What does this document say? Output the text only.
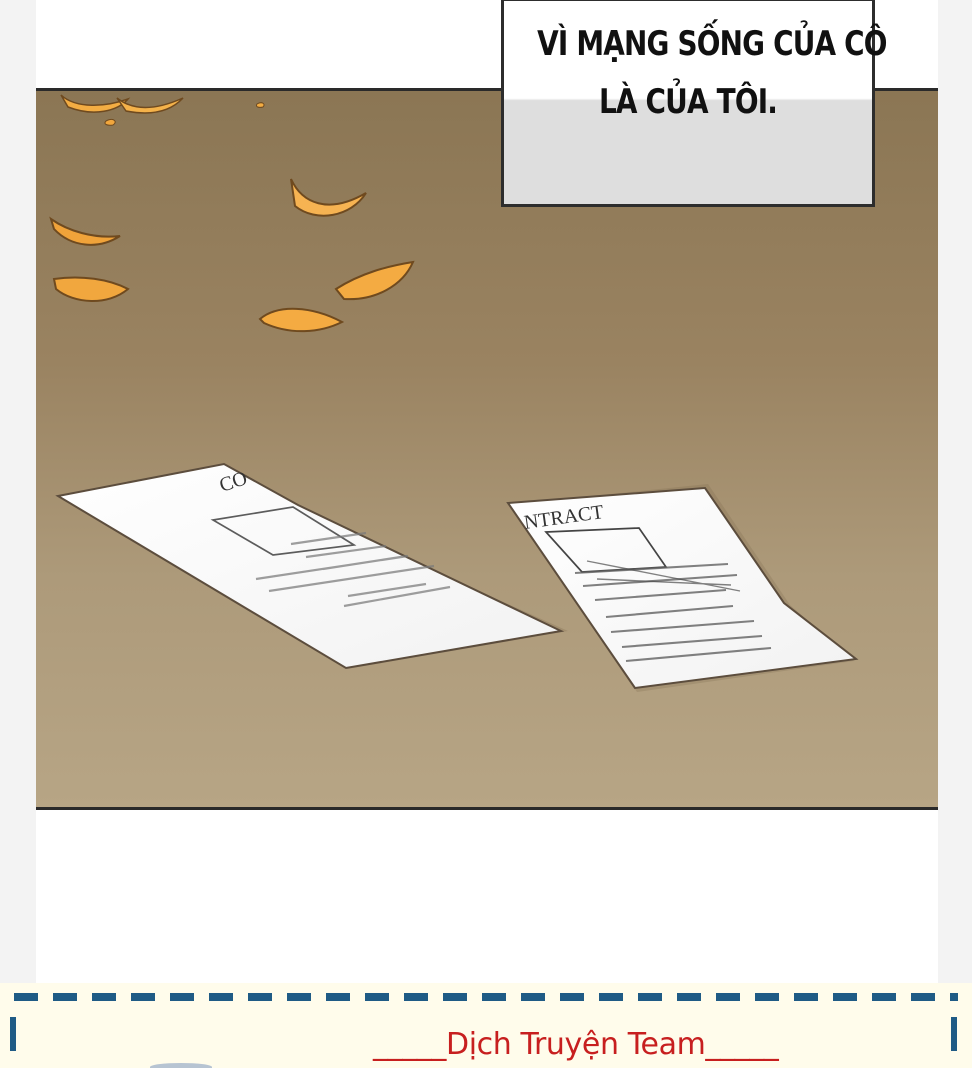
CO
NTRACT
VÌ MẠNG SỐNG CỦA CÔ
LÀ CỦA TÔI.
_____Dịch Truyện Team_____
